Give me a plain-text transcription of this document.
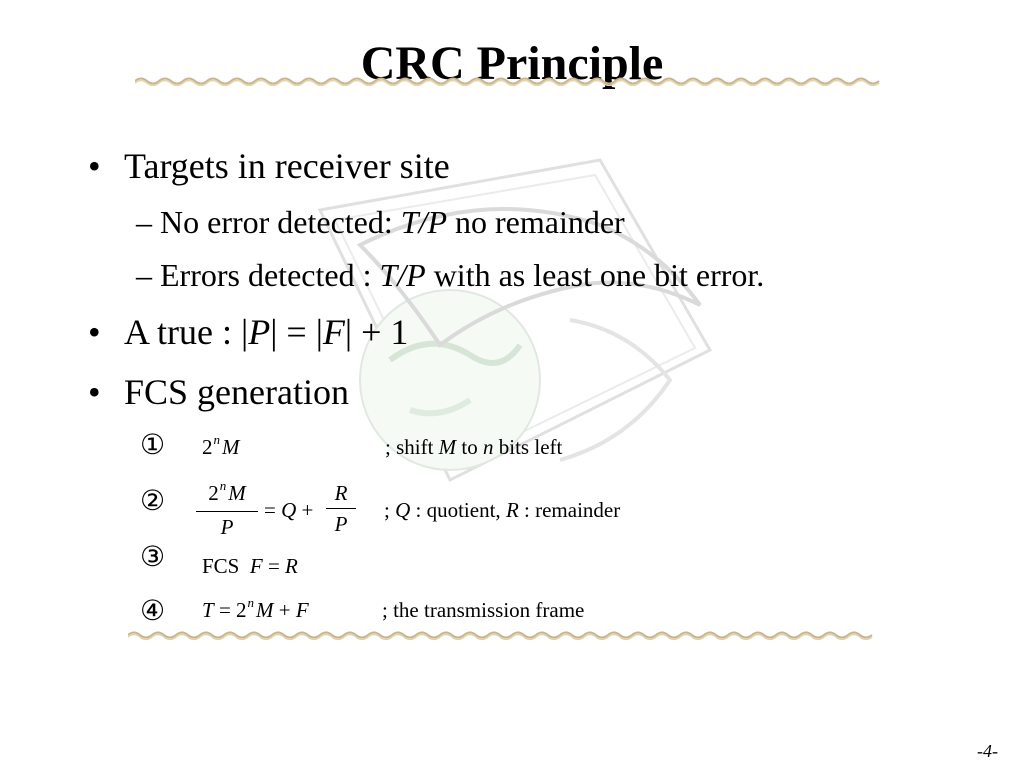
CRC Principle
• Targets in receiver site
– No error detected: T/P no remainder
– Errors detected : T/P with as least one bit error.
• A true : |P| = |F| + 1
• FCS generation
① 2$^n$M	; shift M to n bits left
②	2$^n$M
P
= Q +
R
P
; Q : quotient, R : remainder
③ FCS F = R
④ $T = 2^nM + F$	; the transmission frame
-4-
